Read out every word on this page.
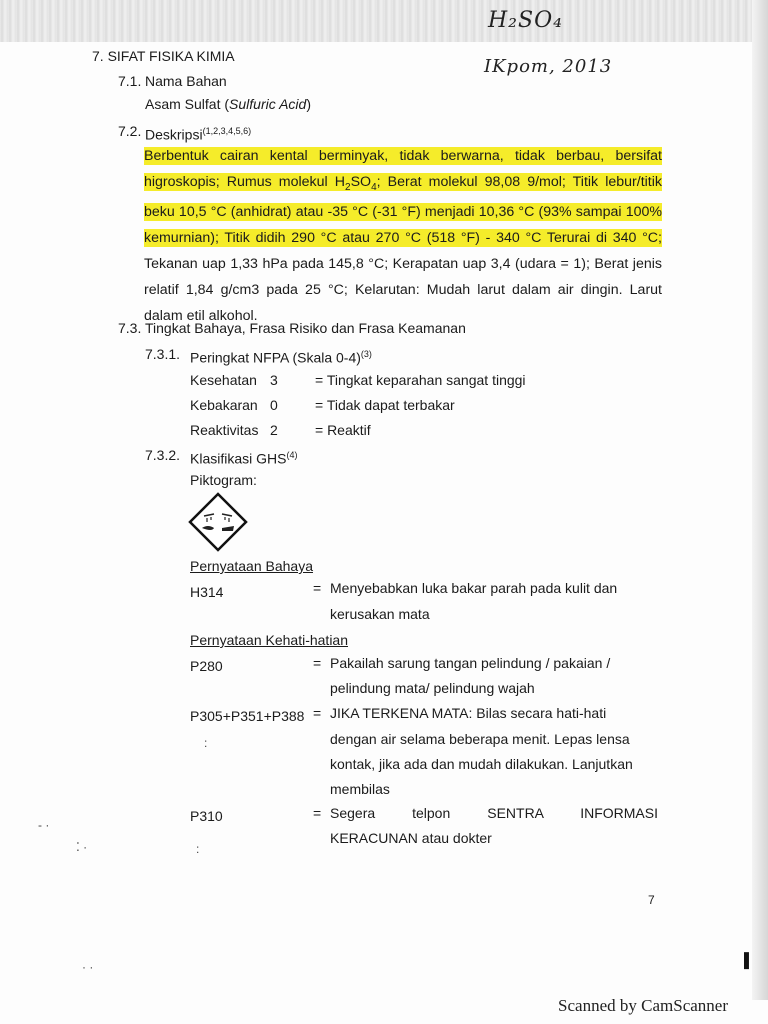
H₂SO₄
IKpom, 2013
7. SIFAT FISIKA KIMIA
7.1. Nama Bahan
Asam Sulfat (Sulfuric Acid)
7.2. Deskripsi$^{(1,2,3,4,5,6)}$
Berbentuk cairan kental berminyak, tidak berwarna, tidak berbau, bersifat higroskopis; Rumus molekul $H_2SO_4$; Berat molekul 98,08 9/mol; Titik lebur/titik beku 10,5 °C (anhidrat) atau -35 °C (-31 °F) menjadi 10,36 °C (93% sampai 100% kemurnian); Titik didih 290 °C atau 270 °C (518 °F) - 340 °C Terurai di 340 °C; Tekanan uap 1,33 hPa pada 145,8 °C; Kerapatan uap 3,4 (udara = 1); Berat jenis relatif 1,84 g/cm3 pada 25 °C; Kelarutan: Mudah larut dalam air dingin. Larut dalam etil alkohol.
7.3. Tingkat Bahaya, Frasa Risiko dan Frasa Keamanan
7.3.1. Peringkat NFPA (Skala 0-4)$^{(3)}$
Kesehatan 3	= Tingkat keparahan sangat tinggi
Kebakaran 0	= Tidak dapat terbakar
Reaktivitas 2	= Reaktif
7.3.2. Klasifikasi GHS$^{(4)}$
Piktogram:
Pernyataan Bahaya
H314	= Menyebabkan luka bakar parah pada kulit dan
kerusakan mata
Pernyataan Kehati-hatian
P280	= Pakailah sarung tangan pelindung / pakaian /
pelindung mata/ pelindung wajah
P305+P351+P388 = JIKA TERKENA MATA: Bilas secara hati-hati
dengan air selama beberapa menit. Lepas lensa
kontak, jika ada dan mudah dilakukan. Lanjutkan
membilas
P310	= Segera telpon SENTRA INFORMASI
KERACUNAN atau dokter
:
- ·
⁚ ·	:
· ·	▌
7
Scanned by CamScanner
